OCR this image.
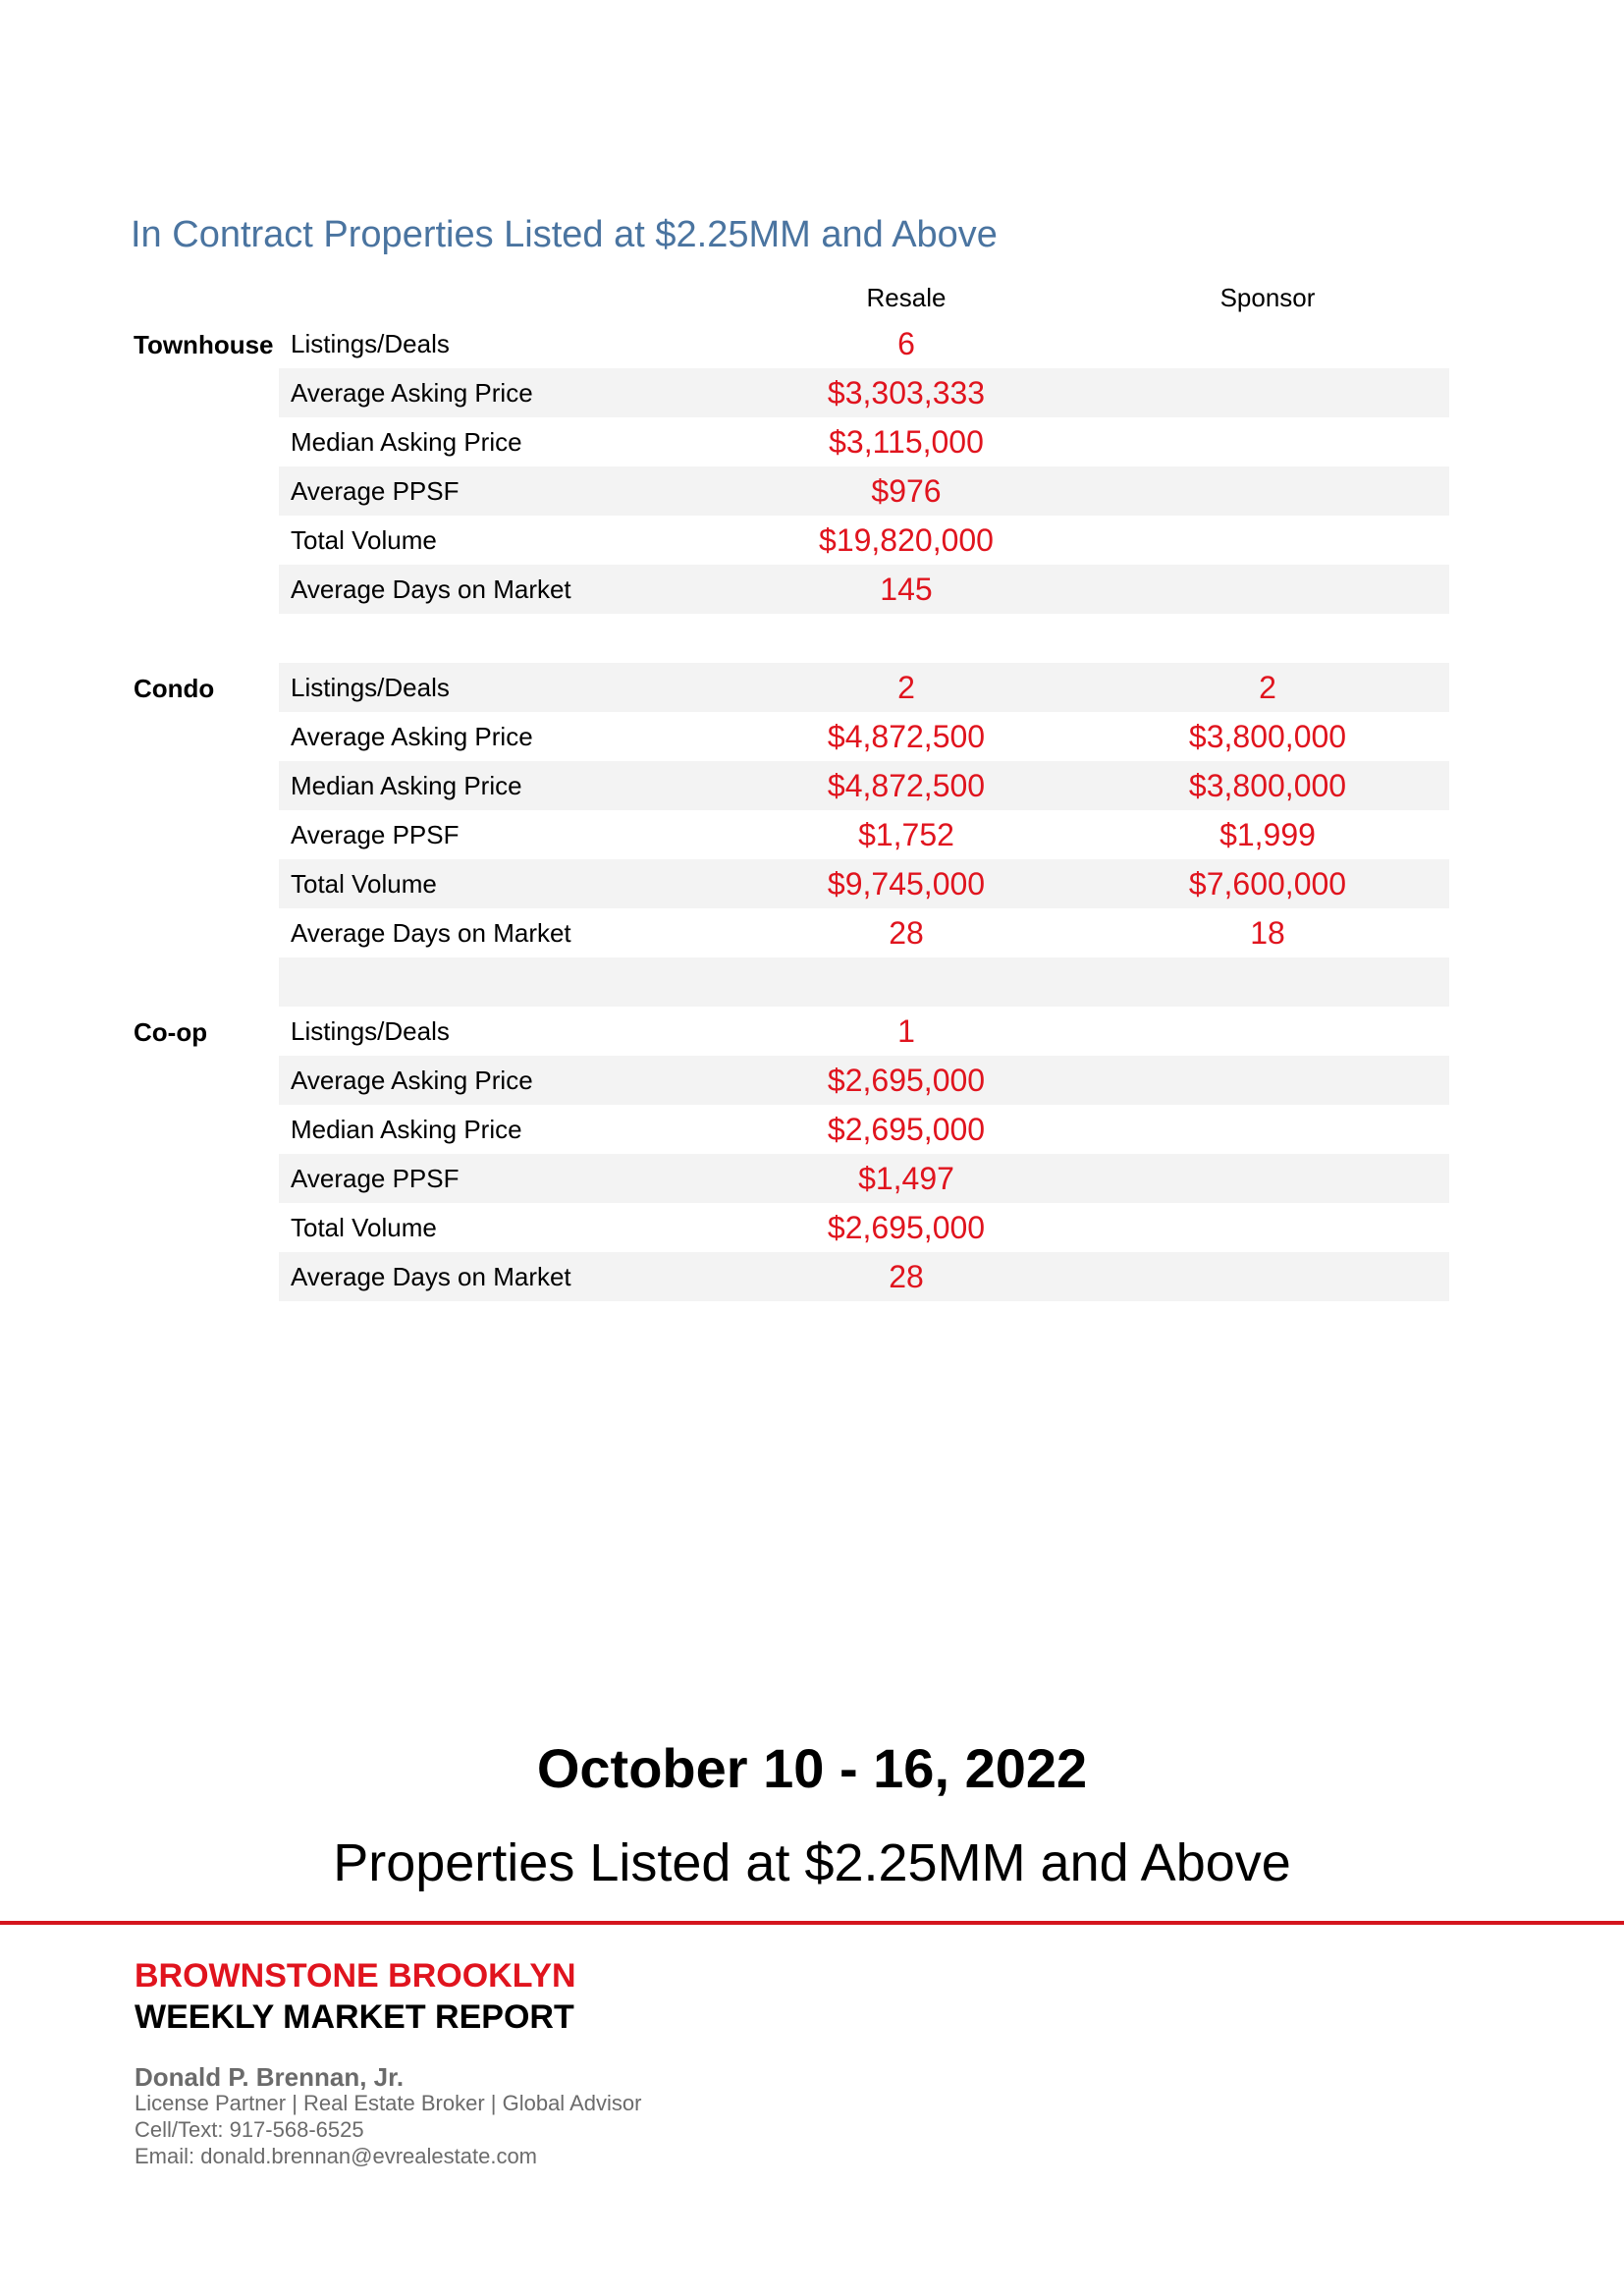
In Contract Properties Listed at $2.25MM and Above
Resale	Sponsor
Townhouse Listings/Deals	6
Average Asking Price	$3,303,333
Median Asking Price	$3,115,000
Average PPSF	$976
Total Volume	$19,820,000
Average Days on Market	145
Condo	Listings/Deals	2	2
Average Asking Price	$4,872,500	$3,800,000
Median Asking Price	$4,872,500	$3,800,000
Average PPSF	$1,752	$1,999
Total Volume	$9,745,000	$7,600,000
Average Days on Market	28	18
Co-op	Listings/Deals	1
Average Asking Price	$2,695,000
Median Asking Price	$2,695,000
Average PPSF	$1,497
Total Volume	$2,695,000
Average Days on Market	28
October 10 - 16, 2022
Properties Listed at $2.25MM and Above
BROWNSTONE BROOKLYN
WEEKLY MARKET REPORT
Donald P. Brennan, Jr.
License Partner | Real Estate Broker | Global Advisor
Cell/Text: 917-568-6525
Email: donald.brennan@evrealestate.com
